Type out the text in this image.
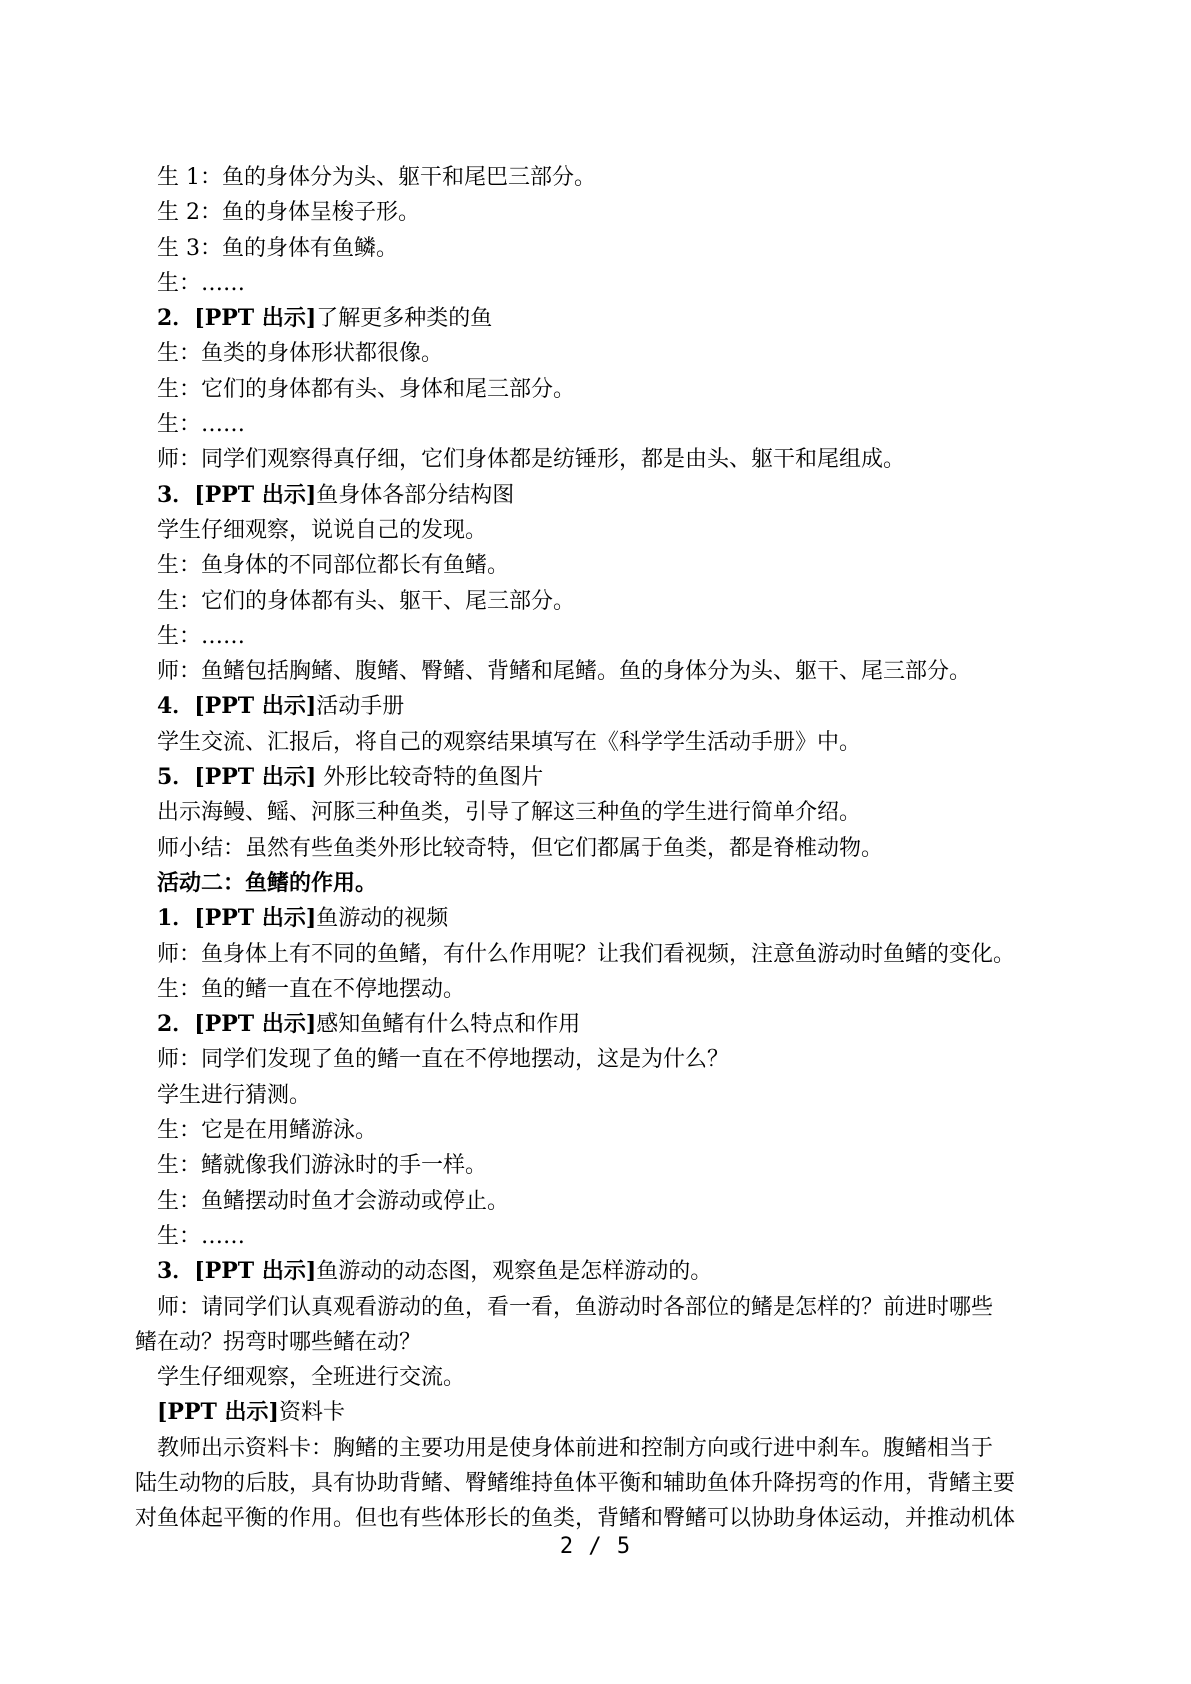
生 1：鱼的身体分为头、躯干和尾巴三部分。
生 2：鱼的身体呈梭子形。
生 3：鱼的身体有鱼鳞。
生：……
2．[PPT 出示]了解更多种类的鱼
生：鱼类的身体形状都很像。
生：它们的身体都有头、身体和尾三部分。
生：……
师：同学们观察得真仔细，它们身体都是纺锤形，都是由头、躯干和尾组成。
3．[PPT 出示]鱼身体各部分结构图
学生仔细观察，说说自己的发现。
生：鱼身体的不同部位都长有鱼鳍。
生：它们的身体都有头、躯干、尾三部分。
生：……
师：鱼鳍包括胸鳍、腹鳍、臀鳍、背鳍和尾鳍。鱼的身体分为头、躯干、尾三部分。
4．[PPT 出示]活动手册
学生交流、汇报后，将自己的观察结果填写在《科学学生活动手册》中。
5．[PPT 出示] 外形比较奇特的鱼图片
出示海鳗、鳐、河豚三种鱼类，引导了解这三种鱼的学生进行简单介绍。
师小结：虽然有些鱼类外形比较奇特，但它们都属于鱼类，都是脊椎动物。
活动二：鱼鳍的作用。
1．[PPT 出示]鱼游动的视频
师：鱼身体上有不同的鱼鳍，有什么作用呢？让我们看视频，注意鱼游动时鱼鳍的变化。
生：鱼的鳍一直在不停地摆动。
2．[PPT 出示]感知鱼鳍有什么特点和作用
师：同学们发现了鱼的鳍一直在不停地摆动，这是为什么？
学生进行猜测。
生：它是在用鳍游泳。
生：鳍就像我们游泳时的手一样。
生：鱼鳍摆动时鱼才会游动或停止。
生：……
3．[PPT 出示]鱼游动的动态图，观察鱼是怎样游动的。
师：请同学们认真观看游动的鱼，看一看，鱼游动时各部位的鳍是怎样的？前进时哪些
鳍在动？拐弯时哪些鳍在动？
学生仔细观察，全班进行交流。
[PPT 出示]资料卡
教师出示资料卡：胸鳍的主要功用是使身体前进和控制方向或行进中刹车。腹鳍相当于
陆生动物的后肢，具有协助背鳍、臀鳍维持鱼体平衡和辅助鱼体升降拐弯的作用，背鳍主要
对鱼体起平衡的作用。但也有些体形长的鱼类，背鳍和臀鳍可以协助身体运动，并推动机体
2 / 5
